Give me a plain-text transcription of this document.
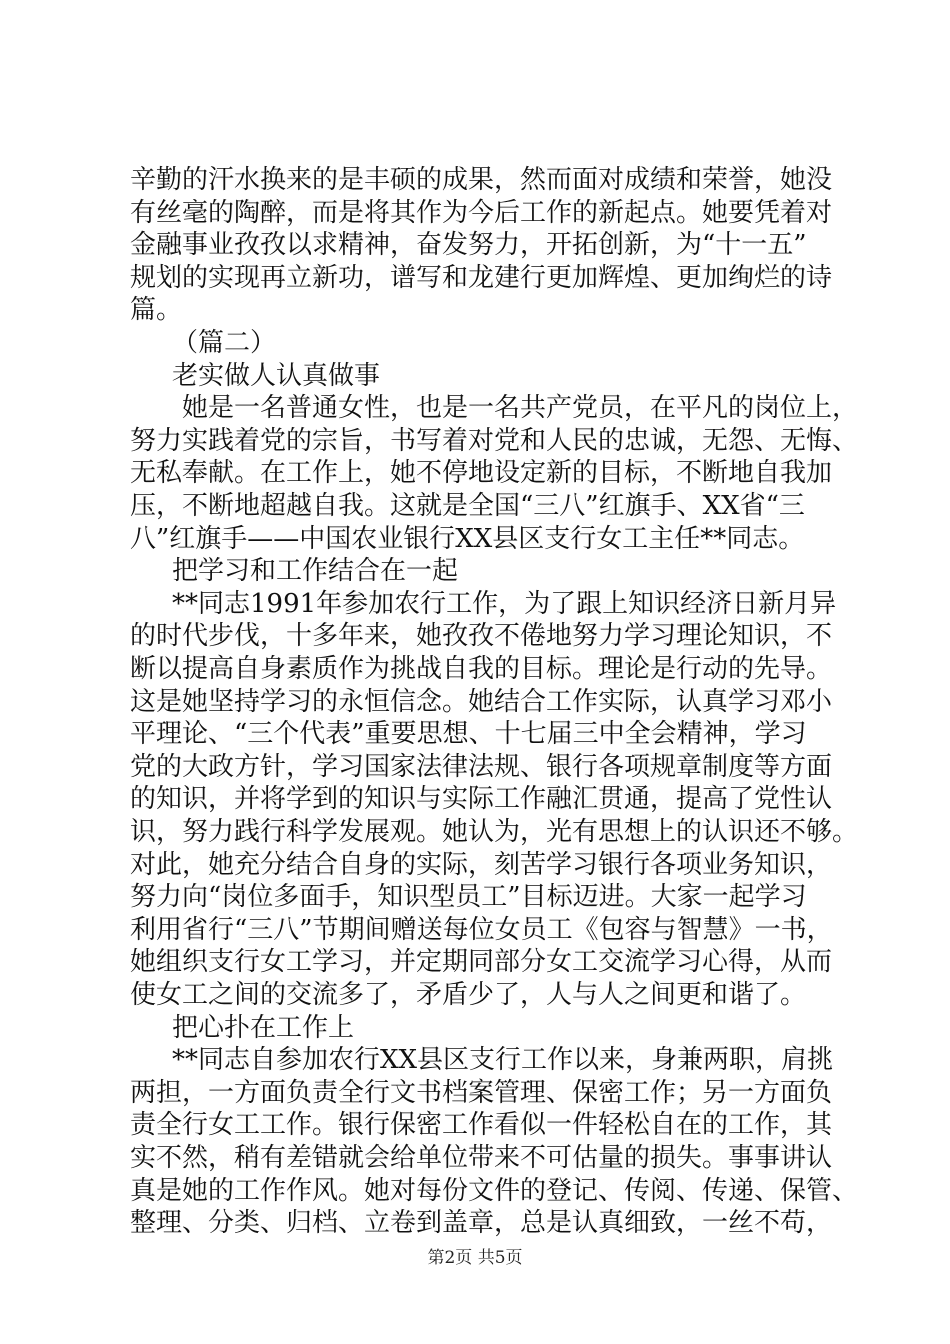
辛勤的汗水换来的是丰硕的成果，然而面对成绩和荣誉，她没
有丝毫的陶醉，而是将其作为今后工作的新起点。她要凭着对
金融事业孜孜以求精神，奋发努力，开拓创新，为“十一五”
规划的实现再立新功，谱写和龙建行更加辉煌、更加绚烂的诗
篇。
（篇二）
老实做人认真做事
她是一名普通女性，也是一名共产党员，在平凡的岗位上，
努力实践着党的宗旨，书写着对党和人民的忠诚，无怨、无悔、
无私奉献。在工作上，她不停地设定新的目标，不断地自我加
压，不断地超越自我。这就是全国“三八”红旗手、XX省“三
八”红旗手——中国农业银行XX县区支行女工主任**同志。
把学习和工作结合在一起
**同志1991年参加农行工作，为了跟上知识经济日新月异
的时代步伐，十多年来，她孜孜不倦地努力学习理论知识，不
断以提高自身素质作为挑战自我的目标。理论是行动的先导。
这是她坚持学习的永恒信念。她结合工作实际，认真学习邓小
平理论、“三个代表”重要思想、十七届三中全会精神，学习
党的大政方针，学习国家法律法规、银行各项规章制度等方面
的知识，并将学到的知识与实际工作融汇贯通，提高了党性认
识，努力践行科学发展观。她认为，光有思想上的认识还不够。
对此，她充分结合自身的实际，刻苦学习银行各项业务知识，
努力向“岗位多面手，知识型员工”目标迈进。大家一起学习
利用省行“三八”节期间赠送每位女员工《包容与智慧》一书，
她组织支行女工学习，并定期同部分女工交流学习心得，从而
使女工之间的交流多了，矛盾少了，人与人之间更和谐了。
把心扑在工作上
**同志自参加农行XX县区支行工作以来，身兼两职，肩挑
两担，一方面负责全行文书档案管理、保密工作；另一方面负
责全行女工工作。银行保密工作看似一件轻松自在的工作，其
实不然，稍有差错就会给单位带来不可估量的损失。事事讲认
真是她的工作作风。她对每份文件的登记、传阅、传递、保管、
整理、分类、归档、立卷到盖章，总是认真细致，一丝不苟，
第2页 共5页
